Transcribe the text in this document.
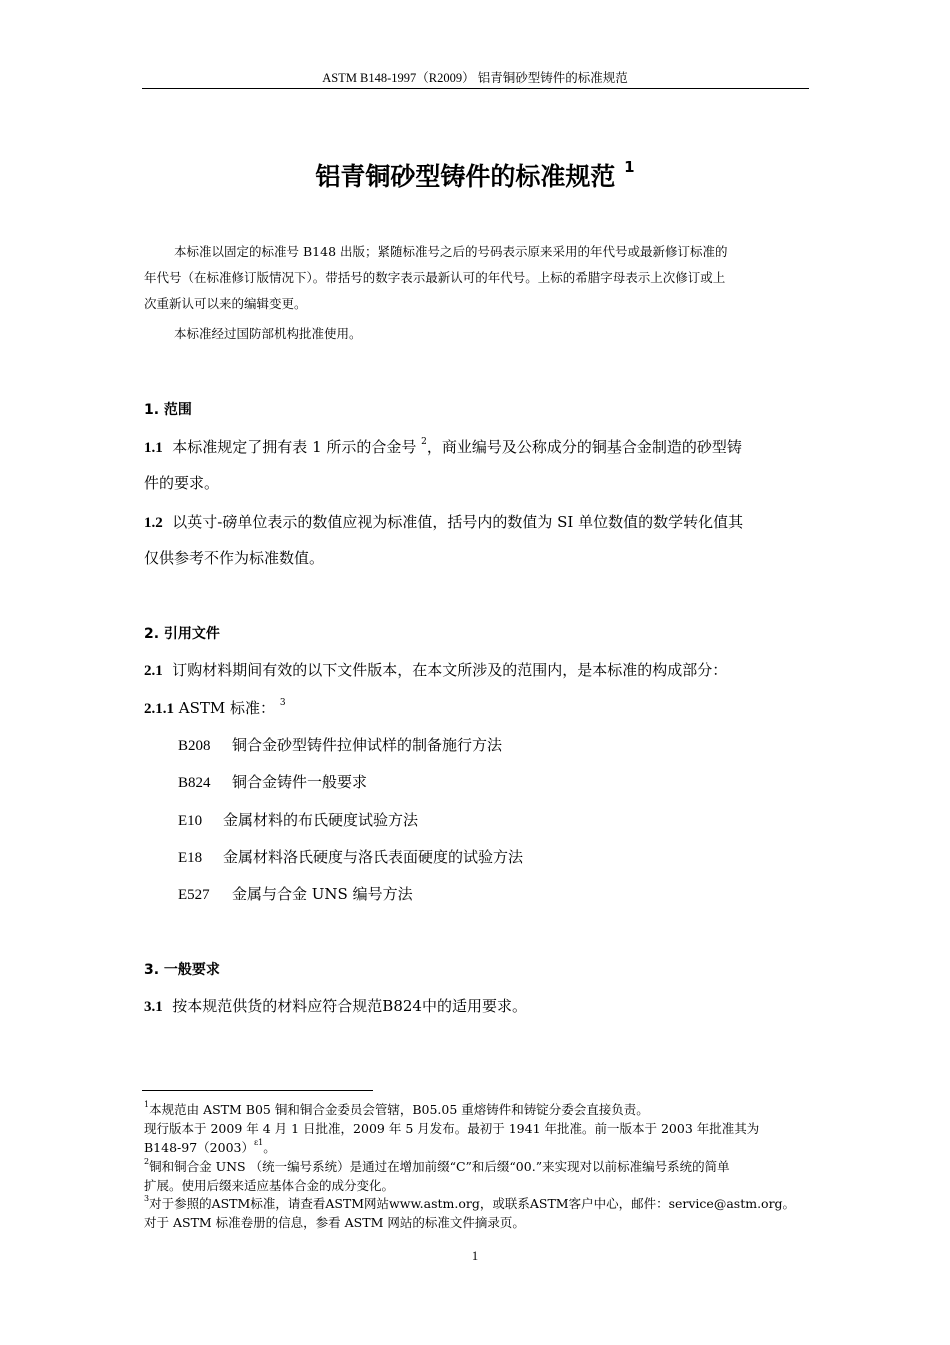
ASTM B148-1997（R2009） 铝青铜砂型铸件的标准规范
铝青铜砂型铸件的标准规范 $^1$
本标准以固定的标准号 B148 出版；紧随标准号之后的号码表示原来采用的年代号或最新修订标准的
年代号（在标准修订版情况下）。带括号的数字表示最新认可的年代号。上标的希腊字母表示上次修订或上
次重新认可以来的编辑变更。
本标准经过国防部机构批准使用。
1. 范围
1.1 本标准规定了拥有表 1 所示的合金号 $^2$，商业编号及公称成分的铜基合金制造的砂型铸
件的要求。
1.2 以英寸-磅单位表示的数值应视为标准值，括号内的数值为 SI 单位数值的数学转化值其
仅供参考不作为标准数值。
2. 引用文件
2.1 订购材料期间有效的以下文件版本，在本文所涉及的范围内，是本标准的构成部分：
2.1.1 ASTM 标准： $^3$
B208 铜合金砂型铸件拉伸试样的制备施行方法
B824 铜合金铸件一般要求
E10 金属材料的布氏硬度试验方法
E18 金属材料洛氏硬度与洛氏表面硬度的试验方法
E527 金属与合金 UNS 编号方法
3. 一般要求
3.1 按本规范供货的材料应符合规范B824中的适用要求。
$^1$本规范由 ASTM B05 铜和铜合金委员会管辖，B05.05 重熔铸件和铸锭分委会直接负责。
现行版本于 2009 年 4 月 1 日批准，2009 年 5 月发布。最初于 1941 年批准。前一版本于 2003 年批准其为
$B148-97(2003)^{\varepsilon 1}$。
$^2$铜和铜合金 UNS （统一编号系统）是通过在增加前缀“C”和后缀“00.”来实现对以前标准编号系统的简单
扩展。使用后缀来适应基体合金的成分变化。
$^3$对于参照的ASTM标准，请查看ASTM网站www.astm.org，或联系ASTM客户中心，邮件：service@astm.org。
对于 ASTM 标准卷册的信息，参看 ASTM 网站的标准文件摘录页。
1
